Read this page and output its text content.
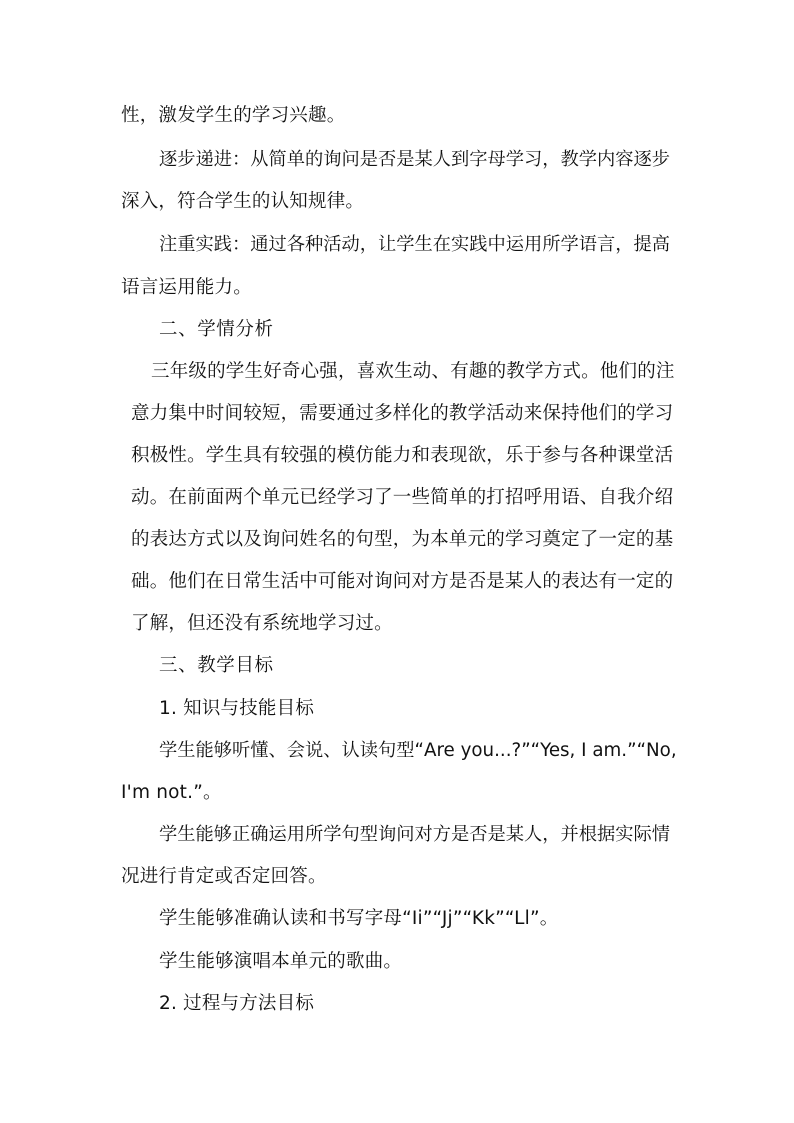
性，激发学生的学习兴趣。

逐步递进：从简单的询问是否是某人到字母学习，教学内容逐步

深入，符合学生的认知规律。

注重实践：通过各种活动，让学生在实践中运用所学语言，提高

语言运用能力。

二、学情分析

三年级的学生好奇心强，喜欢生动、有趣的教学方式。他们的注

意力集中时间较短，需要通过多样化的教学活动来保持他们的学习

积极性。学生具有较强的模仿能力和表现欲，乐于参与各种课堂活

动。在前面两个单元已经学习了一些简单的打招呼用语、自我介绍

的表达方式以及询问姓名的句型，为本单元的学习奠定了一定的基

础。他们在日常生活中可能对询问对方是否是某人的表达有一定的

了解，但还没有系统地学习过。

三、教学目标

1. 知识与技能目标

学生能够听懂、会说、认读句型“Are you...?”“Yes, I am.”“No,

I'm not.”。

学生能够正确运用所学句型询问对方是否是某人，并根据实际情

况进行肯定或否定回答。

学生能够准确认读和书写字母“Ii”“Jj”“Kk”“Ll”。

学生能够演唱本单元的歌曲。

2. 过程与方法目标
